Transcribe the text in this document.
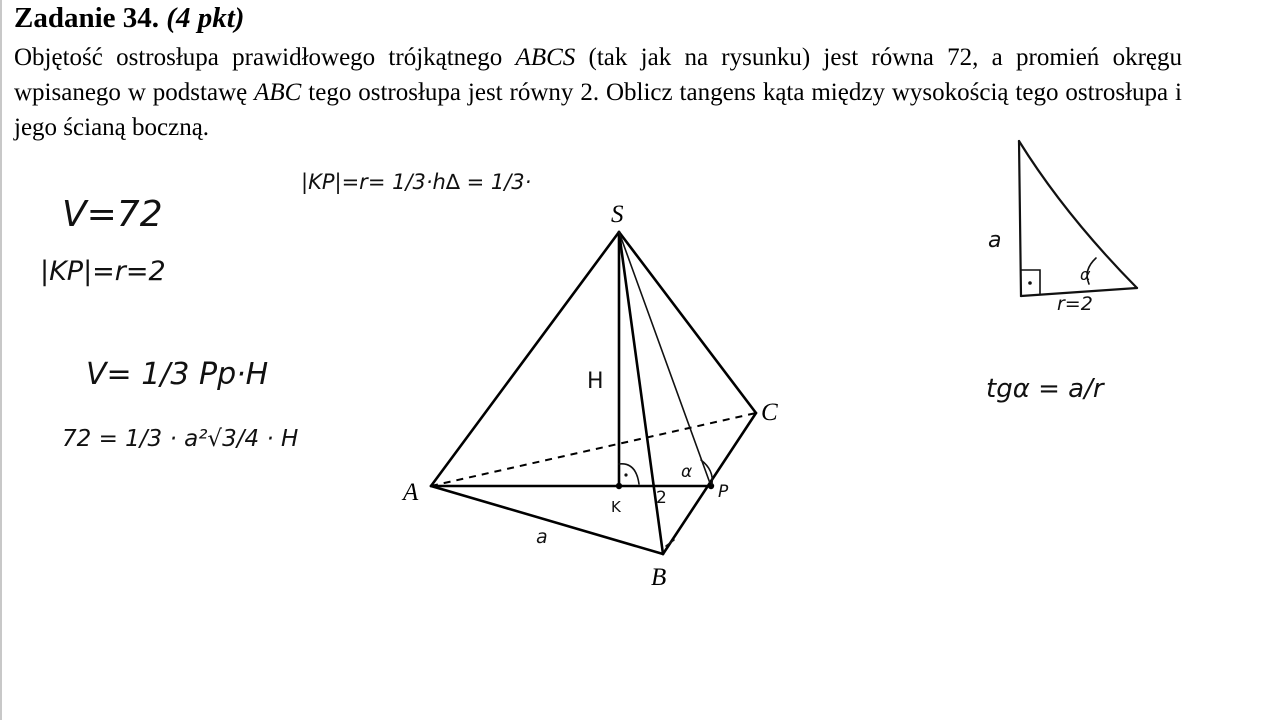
Zadanie 34. (4 pkt)

Objętość ostrosłupa prawidłowego trójkątnego ABCS (tak jak na rysunku) jest równa 72, a promień okręgu wpisanego w podstawę ABC tego ostrosłupa jest równy 2. Oblicz tangens kąta między wysokością tego ostrosłupa i jego ścianą boczną.

S
A
B
C
H
K
P
a
2
α
V=72
|KP|=r=2
V= 1/3 Pp·H
72 = 1/3 · a²√3/4 · H
|KP|=r= 1/3·h∆ = 1/3·
a
r=2
α
tgα = a/r
